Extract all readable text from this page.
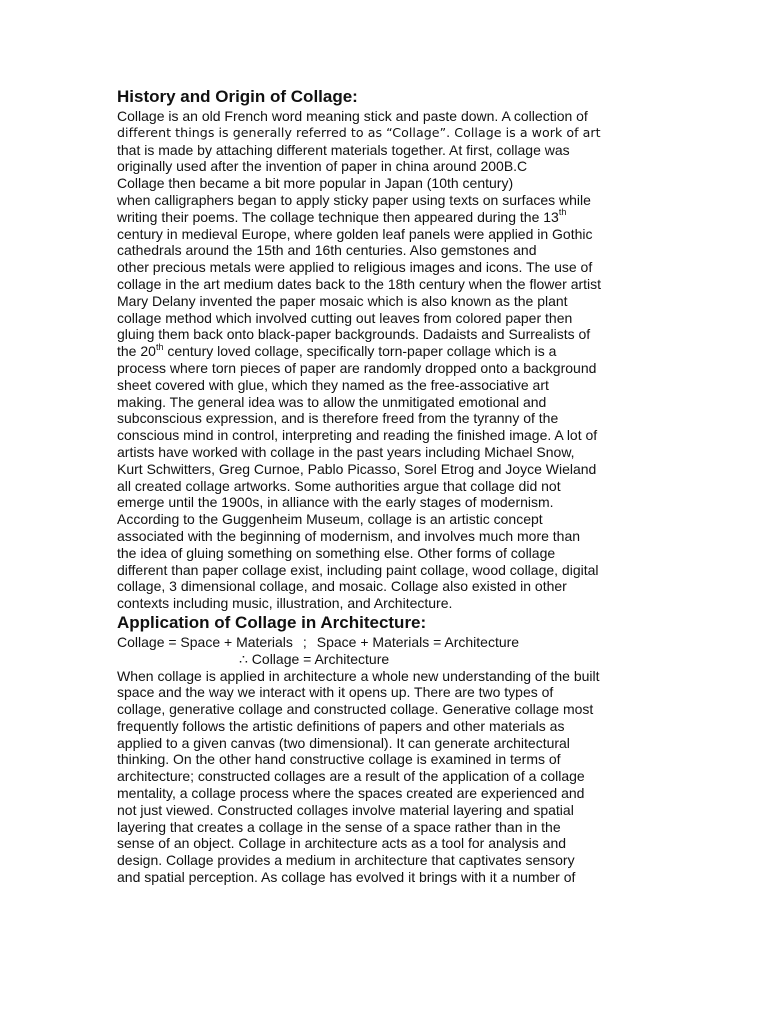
History and Origin of Collage:
Collage is an old French word meaning stick and paste down. A collection of
different things is generally referred to as “Collage”. Collage is a work of art
that is made by attaching different materials together. At first, collage was
originally used after the invention of paper in china around 200B.C
Collage then became a bit more popular in Japan (10th century)
when calligraphers began to apply sticky paper using texts on surfaces while
writing their poems. The collage technique then appeared during the 13th
century in medieval Europe, where golden leaf panels were applied in Gothic
cathedrals around the 15th and 16th centuries. Also gemstones and
other precious metals were applied to religious images and icons. The use of
collage in the art medium dates back to the 18th century when the flower artist
Mary Delany invented the paper mosaic which is also known as the plant
collage method which involved cutting out leaves from colored paper then
gluing them back onto black-paper backgrounds. Dadaists and Surrealists of
the 20th century loved collage, specifically torn-paper collage which is a
process where torn pieces of paper are randomly dropped onto a background
sheet covered with glue, which they named as the free-associative art
making. The general idea was to allow the unmitigated emotional and
subconscious expression, and is therefore freed from the tyranny of the
conscious mind in control, interpreting and reading the finished image. A lot of
artists have worked with collage in the past years including Michael Snow,
Kurt Schwitters, Greg Curnoe, Pablo Picasso, Sorel Etrog and Joyce Wieland
all created collage artworks. Some authorities argue that collage did not
emerge until the 1900s, in alliance with the early stages of modernism.
According to the Guggenheim Museum, collage is an artistic concept
associated with the beginning of modernism, and involves much more than
the idea of gluing something on something else. Other forms of collage
different than paper collage exist, including paint collage, wood collage, digital
collage, 3 dimensional collage, and mosaic. Collage also existed in other
contexts including music, illustration, and Architecture.
Application of Collage in Architecture:
Collage = Space + Materials ; Space + Materials = Architecture
∴ Collage = Architecture
When collage is applied in architecture a whole new understanding of the built
space and the way we interact with it opens up. There are two types of
collage, generative collage and constructed collage. Generative collage most
frequently follows the artistic definitions of papers and other materials as
applied to a given canvas (two dimensional). It can generate architectural
thinking. On the other hand constructive collage is examined in terms of
architecture; constructed collages are a result of the application of a collage
mentality, a collage process where the spaces created are experienced and
not just viewed. Constructed collages involve material layering and spatial
layering that creates a collage in the sense of a space rather than in the
sense of an object. Collage in architecture acts as a tool for analysis and
design. Collage provides a medium in architecture that captivates sensory
and spatial perception. As collage has evolved it brings with it a number of
